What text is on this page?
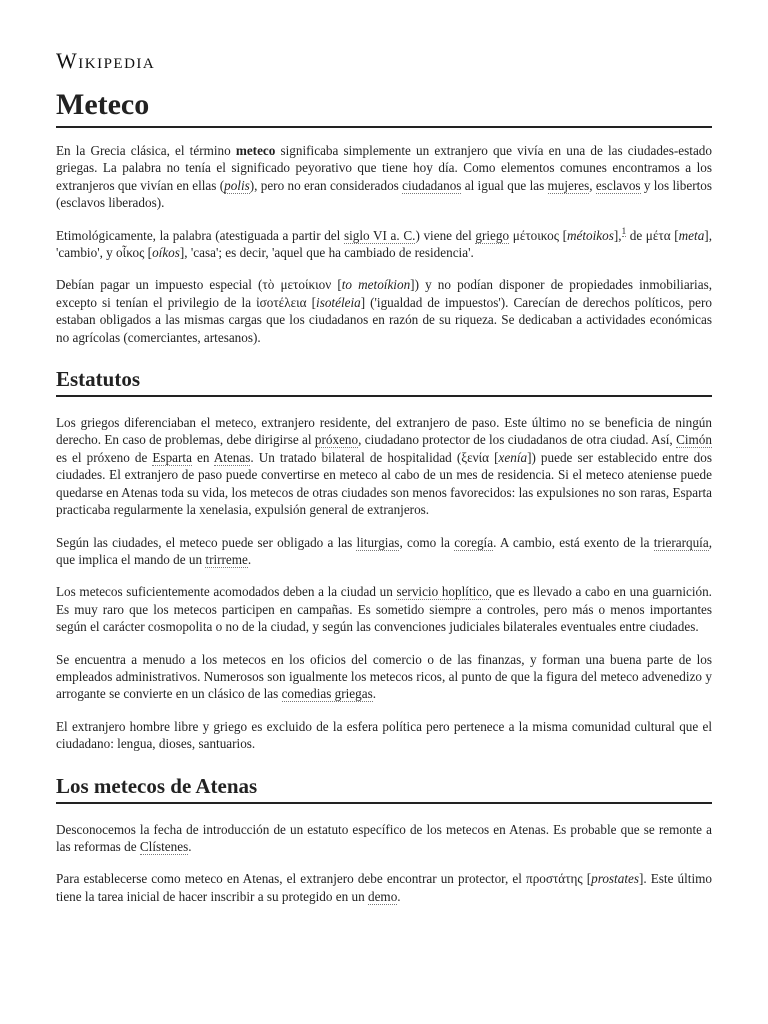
Wikipedia
Meteco

En la Grecia clásica, el término meteco significaba simplemente un extranjero que vivía en una de las ciudades-estado griegas. La palabra no tenía el significado peyorativo que tiene hoy día. Como elementos comunes encontramos a los extranjeros que vivían en ellas (polis), pero no eran considerados ciudadanos al igual que las mujeres, esclavos y los libertos (esclavos liberados).

Etimológicamente, la palabra (atestiguada a partir del siglo VI a. C.) viene del griego μέτοικος [métoikos],$^1$ de μέτα [meta], 'cambio', y οἶκος [oíkos], 'casa'; es decir, 'aquel que ha cambiado de residencia'.

Debían pagar un impuesto especial (τὸ μετοίκιον [to metoíkion]) y no podían disponer de propiedades inmobiliarias, excepto si tenían el privilegio de la ἰσοτέλεια [isotéleia] ('igualdad de impuestos'). Carecían de derechos políticos, pero estaban obligados a las mismas cargas que los ciudadanos en razón de su riqueza. Se dedicaban a actividades económicas no agrícolas (comerciantes, artesanos).

Estatutos

Los griegos diferenciaban el meteco, extranjero residente, del extranjero de paso. Este último no se beneficia de ningún derecho. En caso de problemas, debe dirigirse al próxeno, ciudadano protector de los ciudadanos de otra ciudad. Así, Cimón es el próxeno de Esparta en Atenas. Un tratado bilateral de hospitalidad (ξενία [xenía]) puede ser establecido entre dos ciudades. El extranjero de paso puede convertirse en meteco al cabo de un mes de residencia. Si el meteco ateniense puede quedarse en Atenas toda su vida, los metecos de otras ciudades son menos favorecidos: las expulsiones no son raras, Esparta practicaba regularmente la xenelasia, expulsión general de extranjeros.

Según las ciudades, el meteco puede ser obligado a las liturgias, como la coregía. A cambio, está exento de la trierarquía, que implica el mando de un trirreme.

Los metecos suficientemente acomodados deben a la ciudad un servicio hoplítico, que es llevado a cabo en una guarnición. Es muy raro que los metecos participen en campañas. Es sometido siempre a controles, pero más o menos importantes según el carácter cosmopolita o no de la ciudad, y según las convenciones judiciales bilaterales eventuales entre ciudades.

Se encuentra a menudo a los metecos en los oficios del comercio o de las finanzas, y forman una buena parte de los empleados administrativos. Numerosos son igualmente los metecos ricos, al punto de que la figura del meteco advenedizo y arrogante se convierte en un clásico de las comedias griegas.

El extranjero hombre libre y griego es excluido de la esfera política pero pertenece a la misma comunidad cultural que el ciudadano: lengua, dioses, santuarios.

Los metecos de Atenas

Desconocemos la fecha de introducción de un estatuto específico de los metecos en Atenas. Es probable que se remonte a las reformas de Clístenes.

Para establecerse como meteco en Atenas, el extranjero debe encontrar un protector, el προστάτης [prostates]. Este último tiene la tarea inicial de hacer inscribir a su protegido en un demo.
